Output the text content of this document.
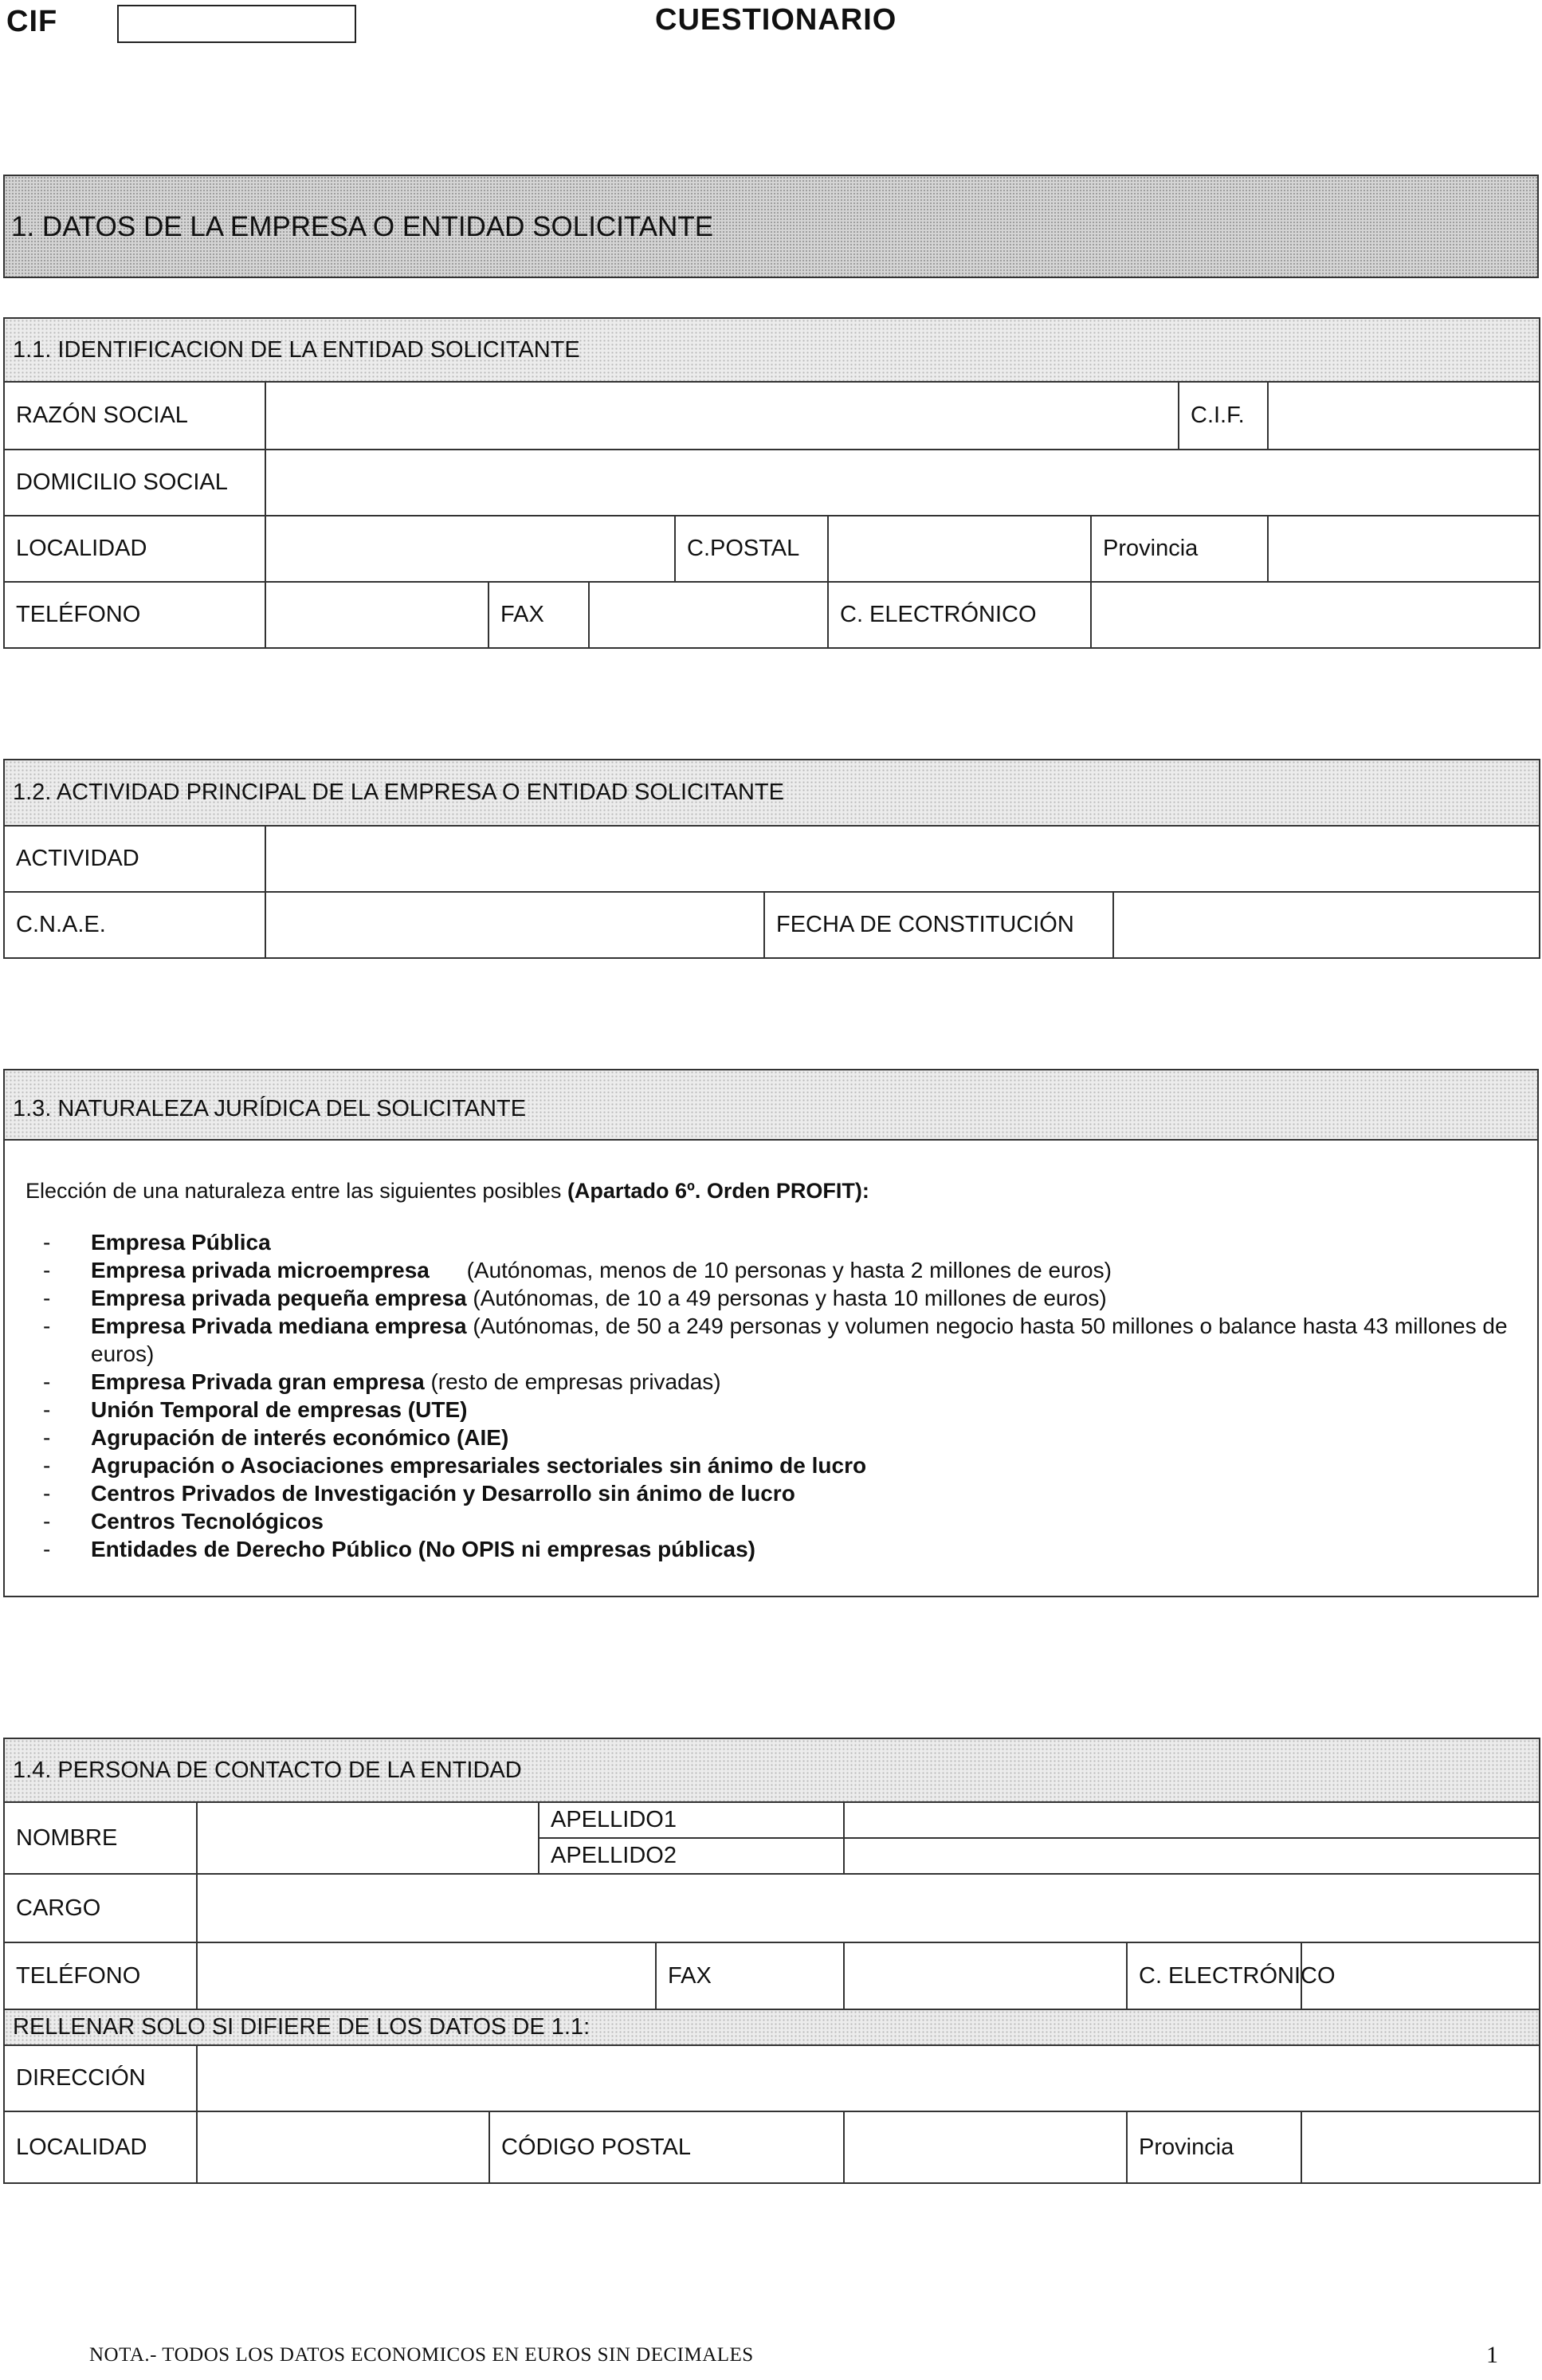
CIF	CUESTIONARIO
1. DATOS DE LA EMPRESA O ENTIDAD SOLICITANTE
1.1. IDENTIFICACION DE LA ENTIDAD SOLICITANTE								
RAZÓN SOCIAL							C.I.F.	
DOMICILIO SOCIAL								
LOCALIDAD				C.POSTAL		Provincia		
TELÉFONO		FAX			C. ELECTRÓNICO			
1.2. ACTIVIDAD PRINCIPAL DE LA EMPRESA O ENTIDAD SOLICITANTE			
ACTIVIDAD			
C.N.A.E.		FECHA DE CONSTITUCIÓN	
1.3. NATURALEZA JURÍDICA DEL SOLICITANTE
Elección de una naturaleza entre las siguientes posibles (Apartado 6º. Orden PROFIT):
- Empresa Pública
- Empresa privada microempresa      (Autónomas, menos de 10 personas y hasta 2 millones de euros)
- Empresa privada pequeña empresa (Autónomas, de 10 a 49 personas y hasta 10 millones de euros)
- Empresa Privada mediana empresa (Autónomas, de 50 a 249 personas y volumen negocio hasta 50 millones o balance hasta 43 millones de euros)
- Empresa Privada gran empresa (resto de empresas privadas)
- Unión Temporal de empresas (UTE)
- Agrupación de interés económico (AIE)
- Agrupación o Asociaciones empresariales sectoriales sin ánimo de lucro
- Centros Privados de Investigación y Desarrollo sin ánimo de lucro
- Centros Tecnológicos
- Entidades de Derecho Público (No OPIS ni empresas públicas)
1.4. PERSONA DE CONTACTO DE LA ENTIDAD							
NOMBRE			APELLIDO1				
			APELLIDO2				
CARGO							
TELÉFONO				FAX		C. ELECTRÓNICO	
RELLENAR SOLO SI DIFIERE DE LOS DATOS DE 1.1:							
DIRECCIÓN							
LOCALIDAD		CÓDIGO POSTAL				Provincia	
NOTA.- TODOS LOS DATOS ECONOMICOS EN EUROS SIN DECIMALES	1
